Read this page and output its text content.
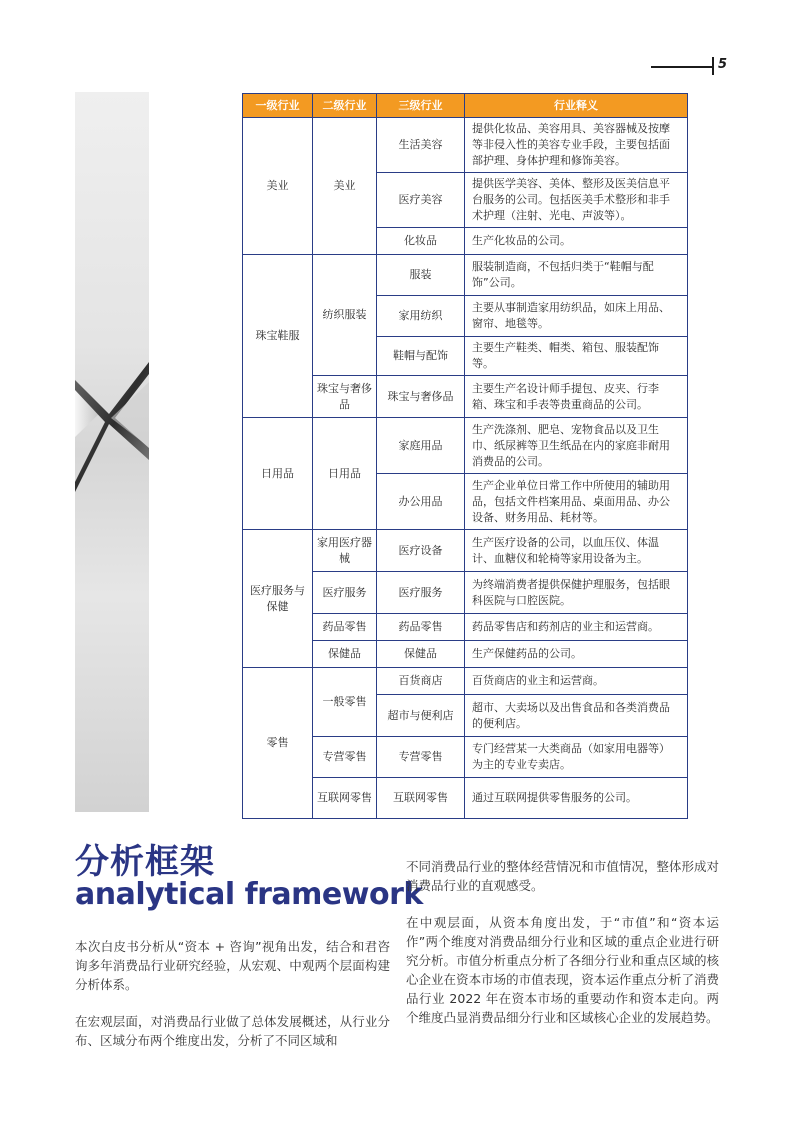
5
一级行业	二级行业	三级行业	行业释义
美业	美业	生活美容	提供化妆品、美容用具、美容器械及按摩等非侵入性的美容专业手段，主要包括面部护理、身体护理和修饰美容。
		医疗美容	提供医学美容、美体、整形及医美信息平台服务的公司。包括医美手术整形和非手术护理（注射、光电、声波等）。
		化妆品	生产化妆品的公司。
珠宝鞋服	纺织服装	服装	服装制造商，不包括归类于“鞋帽与配饰”公司。
		家用纺织	主要从事制造家用纺织品，如床上用品、窗帘、地毯等。
		鞋帽与配饰	主要生产鞋类、帽类、箱包、服装配饰等。
	珠宝与奢侈品	珠宝与奢侈品	主要生产名设计师手提包、皮夹、行李箱、珠宝和手表等贵重商品的公司。
日用品	日用品	家庭用品	生产洗涤剂、肥皂、宠物食品以及卫生巾、纸尿裤等卫生纸品在内的家庭非耐用消费品的公司。
		办公用品	生产企业单位日常工作中所使用的辅助用品，包括文件档案用品、桌面用品、办公设备、财务用品、耗材等。
医疗服务与保健	家用医疗器械	医疗设备	生产医疗设备的公司，以血压仪、体温计、血糖仪和轮椅等家用设备为主。
	医疗服务	医疗服务	为终端消费者提供保健护理服务，包括眼科医院与口腔医院。
	药品零售	药品零售	药品零售店和药剂店的业主和运营商。
	保健品	保健品	生产保健药品的公司。
零售	一般零售	百货商店	百货商店的业主和运营商。
		超市与便利店	超市、大卖场以及出售食品和各类消费品的便利店。
	专营零售	专营零售	专门经营某一大类商品（如家用电器等）为主的专业专卖店。
	互联网零售	互联网零售	通过互联网提供零售服务的公司。
分析框架
analytical framework

本次白皮书分析从“资本 + 咨询”视角出发，结合和君咨询多年消费品行业研究经验，从宏观、中观两个层面构建分析体系。

在宏观层面，对消费品行业做了总体发展概述，从行业分布、区域分布两个维度出发，分析了不同区域和

不同消费品行业的整体经营情况和市值情况，整体形成对消费品行业的直观感受。

在中观层面，从资本角度出发，于“市值”和“资本运作”两个维度对消费品细分行业和区域的重点企业进行研究分析。市值分析重点分析了各细分行业和重点区域的核心企业在资本市场的市值表现，资本运作重点分析了消费品行业 2022 年在资本市场的重要动作和资本走向。两个维度凸显消费品细分行业和区域核心企业的发展趋势。
